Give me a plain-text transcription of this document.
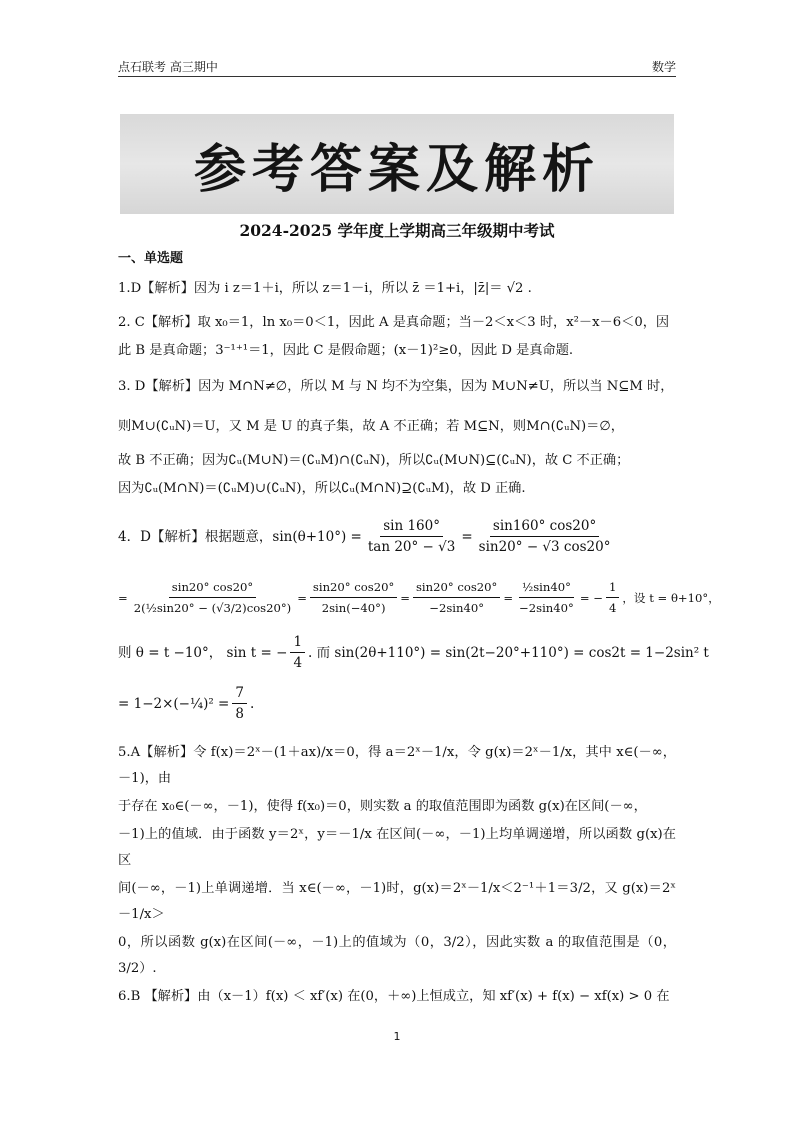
点石联考 高三期中	数学
参考答案及解析
2024-2025 学年度上学期高三年级期中考试
一、单选题
1.D【解析】因为 i z＝1＋i，所以 z＝1－i，所以 z̄ ＝1+i，|z̄|＝ √2 .
2. C【解析】取 x₀＝1，ln x₀＝0＜1，因此 A 是真命题；当－2＜x＜3 时，x²－x－6＜0，因
此 B 是真命题；3⁻¹⁺¹＝1，因此 C 是假命题；(x－1)²≥0，因此 D 是真命题.
3. D【解析】因为 M∩N≠∅，所以 M 与 N 均不为空集，因为 M∪N≠U，所以当 N⊆M 时，
则M∪(∁ᵤN)＝U，又 M 是 U 的真子集，故 A 不正确；若 M⊆N，则M∩(∁ᵤN)＝∅，
故 B 不正确；因为∁ᵤ(M∪N)＝(∁ᵤM)∩(∁ᵤN)，所以∁ᵤ(M∪N)⊆(∁ᵤN)，故 C 不正确；
因为∁ᵤ(M∩N)＝(∁ᵤM)∪(∁ᵤN)，所以∁ᵤ(M∩N)⊇(∁ᵤM)，故 D 正确.
4．D【解析】根据题意，$\sin(\theta+10^\circ) = \frac{\sin 160^\circ}{\tan 20^\circ - √3} = \frac{\sin 160^\circ \cos 20^\circ}{\sin 20^\circ - √3 \cos 20^\circ}$
= $\frac{\sin 20^\circ \cos 20^\circ}{\text{2(½sin20° − (√3/2)cos20°)}} = \frac{\sin 20^\circ \cos 20^\circ}{2\sin(-40^\circ)} = \frac{\sin 20^\circ \cos 20^\circ}{-2\sin 40^\circ} = \frac{\text{½sin40°}}{-2\sin 40^\circ}$ = − $\frac{1}{4}$ ，设 t = θ+10°，
则 θ = t −10°， sin t = − $\frac{1}{4}$ . 而 sin(2θ+110°) = sin(2t−20°+110°) = cos2t = 1−2sin² t
= 1−2×(−¼)² = $\frac{7}{8}$ .
5.A【解析】令 f(x)＝2ˣ－(1＋ax)/x＝0，得 a＝2ˣ－1/x，令 g(x)＝2ˣ－1/x，其中 x∈(－∞，－1)，由
于存在 x₀∈(－∞，－1)，使得 f(x₀)＝0，则实数 a 的取值范围即为函数 g(x)在区间(－∞，
－1)上的值域．由于函数 y＝2ˣ，y＝－1/x 在区间(－∞，－1)上均单调递增，所以函数 g(x)在区
间(－∞，－1)上单调递增．当 x∈(－∞，－1)时，g(x)＝2ˣ－1/x＜2⁻¹＋1＝3/2，又 g(x)＝2ˣ－1/x＞
0，所以函数 g(x)在区间(－∞，－1)上的值域为（0，3/2），因此实数 a 的取值范围是（0，3/2）.
6.B 【解析】由（x－1）f(x) ＜ xf′(x) 在(0，＋∞)上恒成立，知 xf′(x) + f(x) − xf(x) > 0 在
1
